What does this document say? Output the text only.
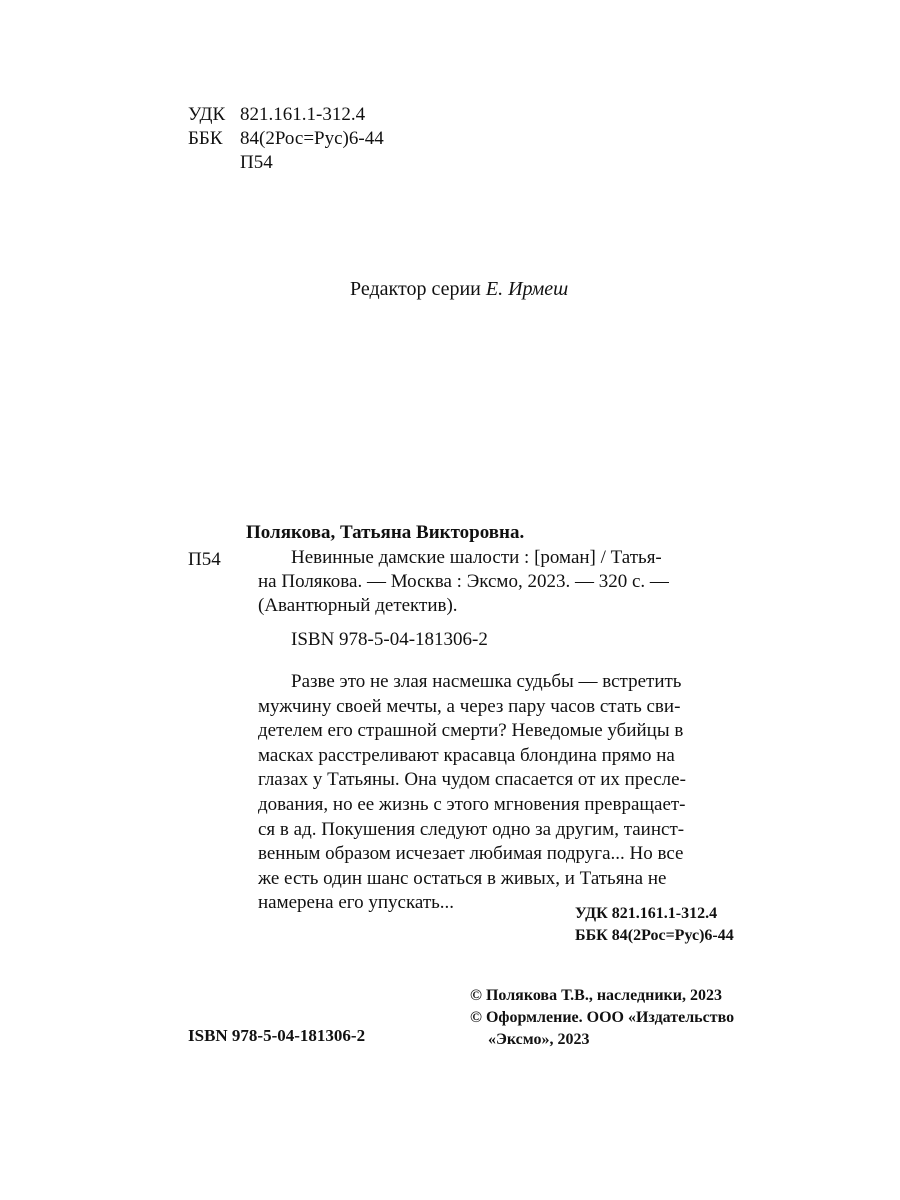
УДК 821.161.1-312.4
ББК 84(2Рос=Рус)6-44
П54
Редактор серии Е. Ирмеш
Полякова, Татьяна Викторовна.
П54	Невинные дамские шалости : [роман] / Татья-
на Полякова. — Москва : Эксмо, 2023. — 320 с. —
(Авантюрный детектив).
ISBN 978-5-04-181306-2
Разве это не злая насмешка судьбы — встретить
мужчину своей мечты, а через пару часов стать сви-
детелем его страшной смерти? Неведомые убийцы в
масках расстреливают красавца блондина прямо на
глазах у Татьяны. Она чудом спасается от их пресле-
дования, но ее жизнь с этого мгновения превращает-
ся в ад. Покушения следуют одно за другим, таинст-
венным образом исчезает любимая подруга... Но все
же есть один шанс остаться в живых, и Татьяна не
намерена его упускать...
УДК 821.161.1-312.4
ББК 84(2Рос=Рус)6-44
© Полякова Т.В., наследники, 2023
© Оформление. ООО «Издательство
«Эксмо», 2023
ISBN 978-5-04-181306-2
